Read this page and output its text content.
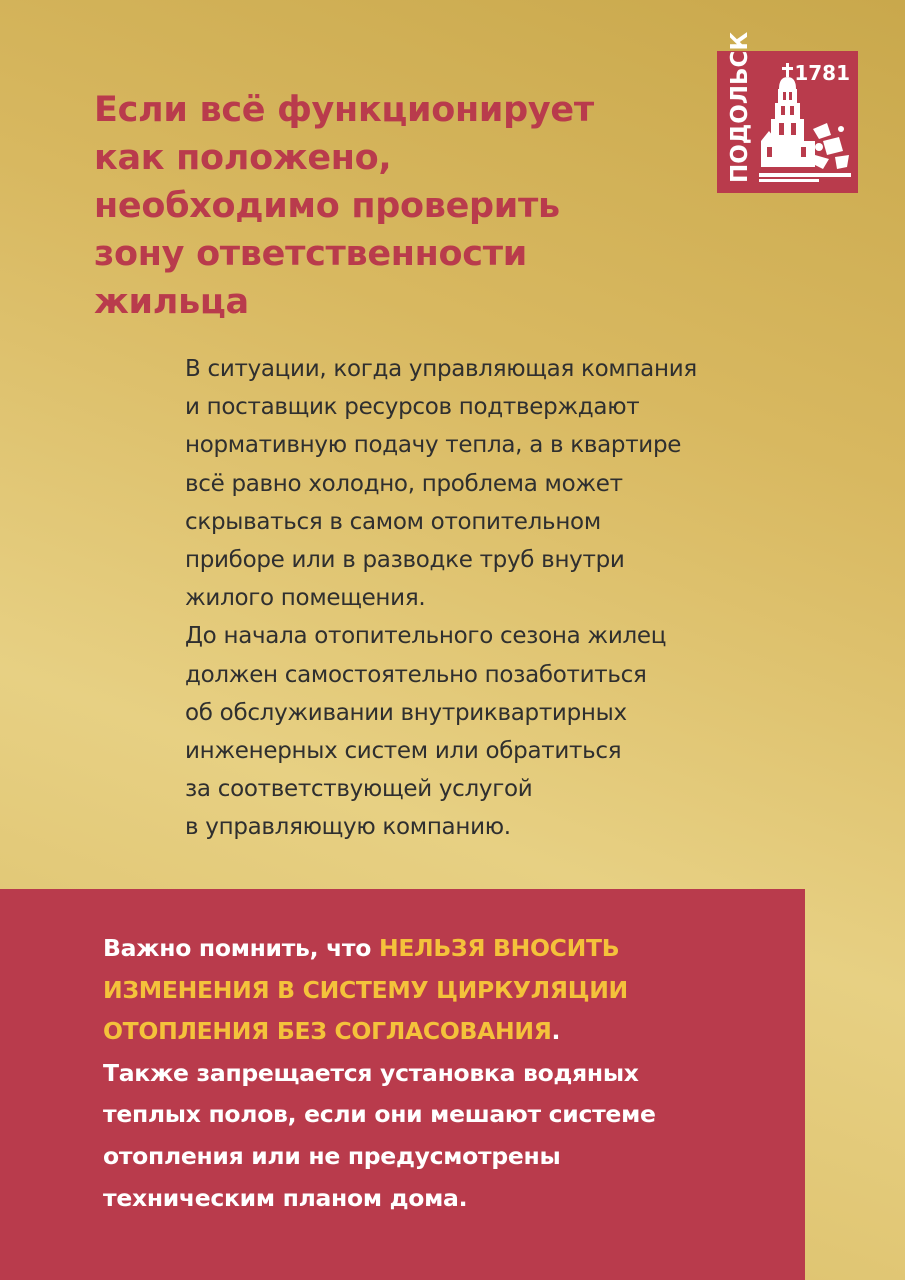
1781
ПОДОЛЬСК
Если всё функционирует
как положено,
необходимо проверить
зону ответственности
жильца

В ситуации, когда управляющая компания
и поставщик ресурсов подтверждают
нормативную подачу тепла, а в квартире
всё равно холодно, проблема может
скрываться в самом отопительном
приборе или в разводке труб внутри
жилого помещения.

До начала отопительного сезона жилец
должен самостоятельно позаботиться
об обслуживании внутриквартирных
инженерных систем или обратиться
за соответствующей услугой
в управляющую компанию.

Важно помнить, что НЕЛЬЗЯ ВНОСИТЬ
ИЗМЕНЕНИЯ В СИСТЕМУ ЦИРКУЛЯЦИИ
ОТОПЛЕНИЯ БЕЗ СОГЛАСОВАНИЯ.

Также запрещается установка водяных
теплых полов, если они мешают системе
отопления или не предусмотрены
техническим планом дома.
